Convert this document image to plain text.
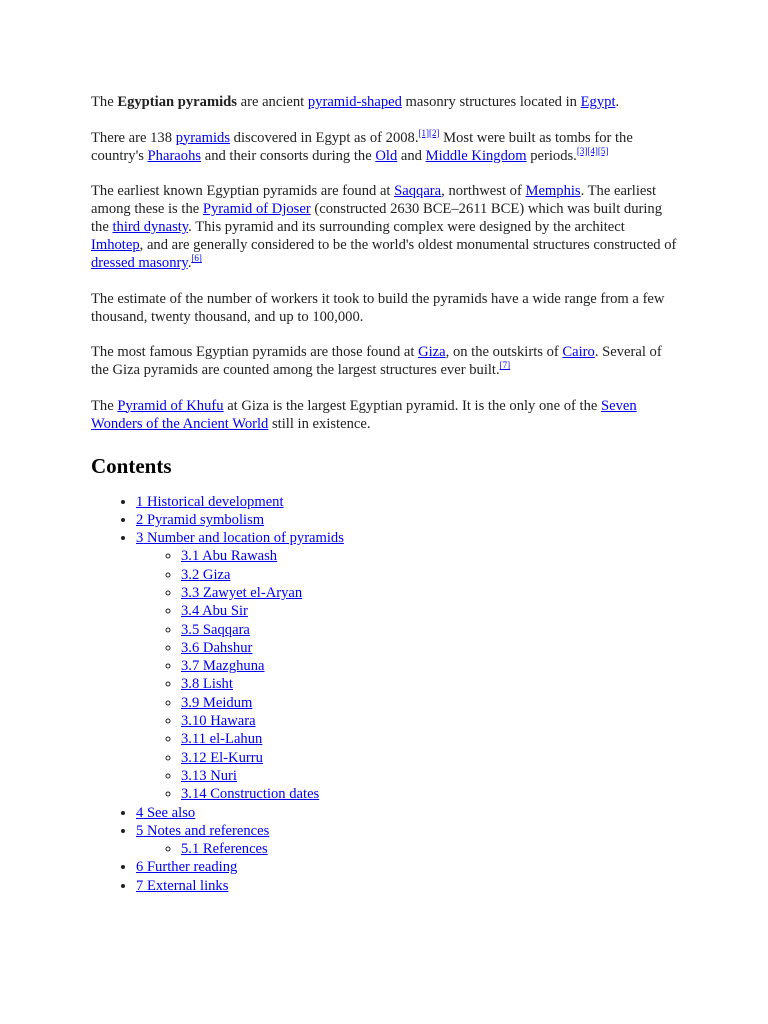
The Egyptian pyramids are ancient pyramid-shaped masonry structures located in Egypt.

There are 138 pyramids discovered in Egypt as of 2008.[1][2] Most were built as tombs for the country's Pharaohs and their consorts during the Old and Middle Kingdom periods.[3][4][5]

The earliest known Egyptian pyramids are found at Saqqara, northwest of Memphis. The earliest among these is the Pyramid of Djoser (constructed 2630 BCE–2611 BCE) which was built during the third dynasty. This pyramid and its surrounding complex were designed by the architect Imhotep, and are generally considered to be the world's oldest monumental structures constructed of dressed masonry.[6]

The estimate of the number of workers it took to build the pyramids have a wide range from a few thousand, twenty thousand, and up to 100,000.

The most famous Egyptian pyramids are those found at Giza, on the outskirts of Cairo. Several of the Giza pyramids are counted among the largest structures ever built.[7]

The Pyramid of Khufu at Giza is the largest Egyptian pyramid. It is the only one of the Seven Wonders of the Ancient World still in existence.

Contents
• 1 Historical development
• 2 Pyramid symbolism
• 3 Number and location of pyramids
◦ 3.1 Abu Rawash
◦ 3.2 Giza
◦ 3.3 Zawyet el-Aryan
◦ 3.4 Abu Sir
◦ 3.5 Saqqara
◦ 3.6 Dahshur
◦ 3.7 Mazghuna
◦ 3.8 Lisht
◦ 3.9 Meidum
◦ 3.10 Hawara
◦ 3.11 el-Lahun
◦ 3.12 El-Kurru
◦ 3.13 Nuri
◦ 3.14 Construction dates
• 4 See also
• 5 Notes and references
◦ 5.1 References
• 6 Further reading
• 7 External links
